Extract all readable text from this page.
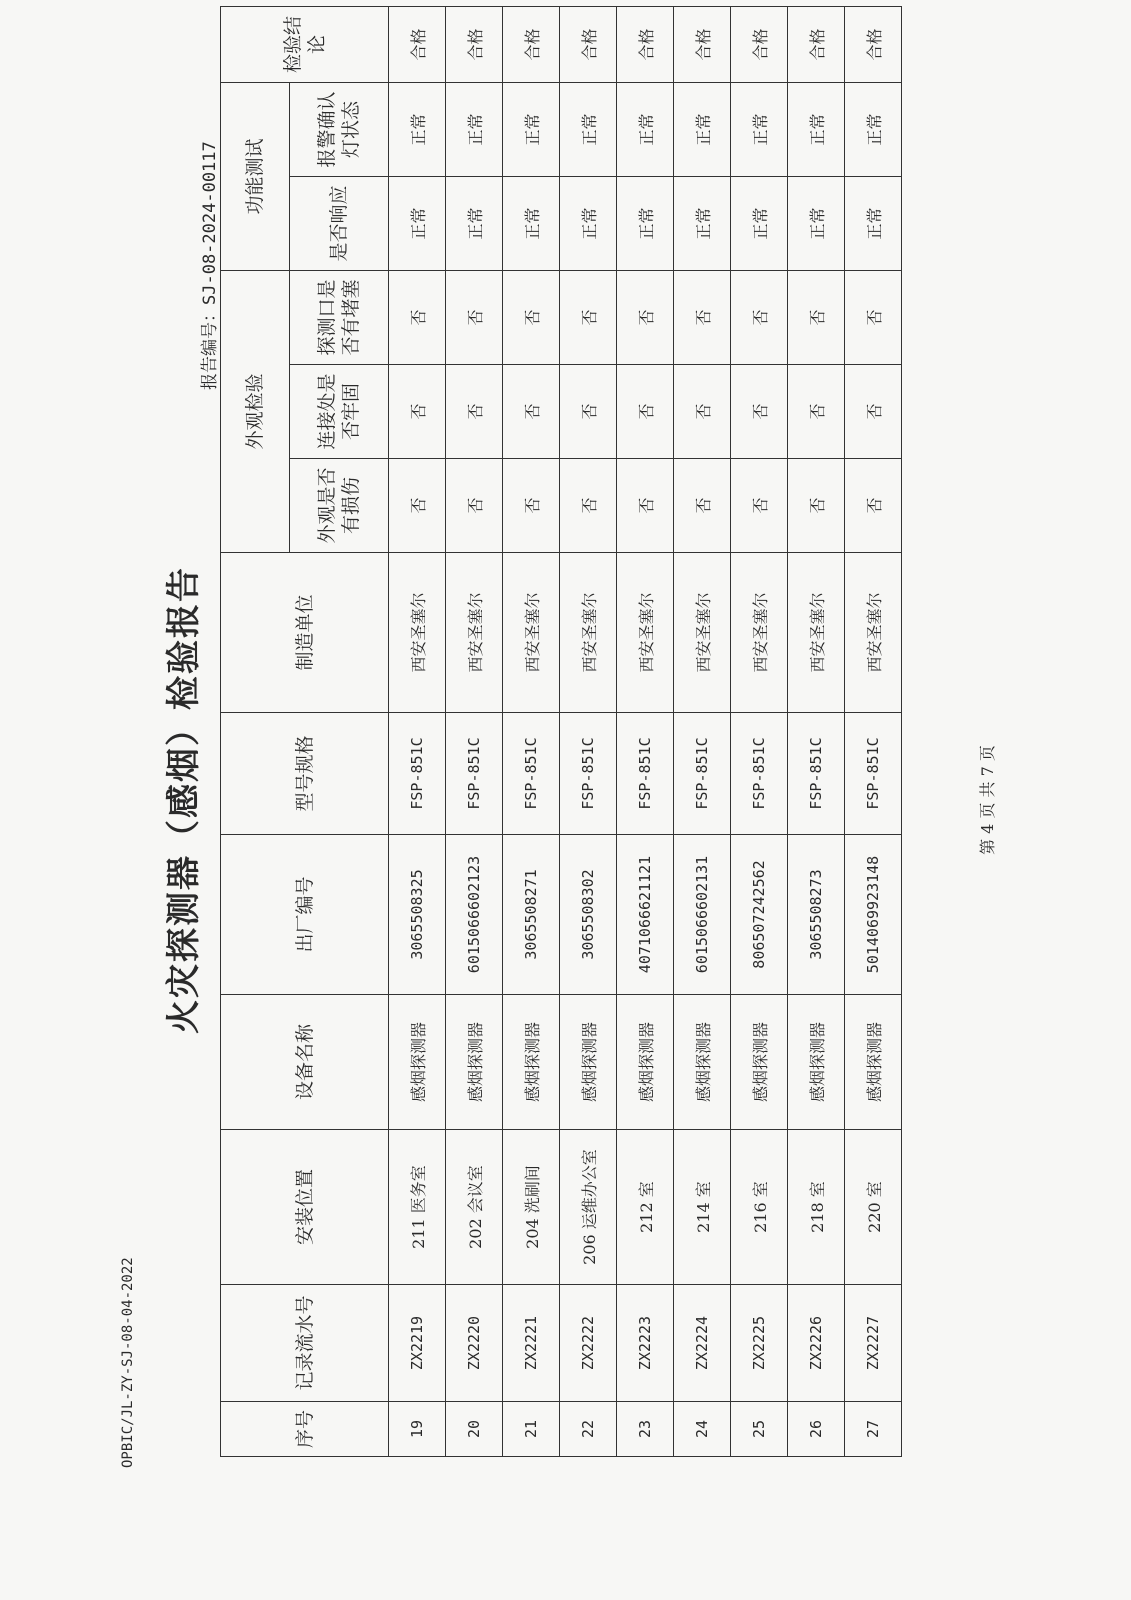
OPBIC/JL-ZY-SJ-08-04-2022
火灾探测器（感烟）检验报告
报告编号：SJ-08-2024-00117
序号	记录流水号	安装位置	设备名称	出厂编号	型号规格	制造单位	外观检验			功能测试		检验结论
							外观是否有损伤	连接处是否牢固	探测口是否有堵塞	是否响应	报警确认灯状态	
19	ZX2219	211 医务室	感烟探测器	3065508325	FSP-851C	西安圣塞尔	否	否	否	正常	正常	合格
20	ZX2220	202 会议室	感烟探测器	6015066602123	FSP-851C	西安圣塞尔	否	否	否	正常	正常	合格
21	ZX2221	204 洗刷间	感烟探测器	3065508271	FSP-851C	西安圣塞尔	否	否	否	正常	正常	合格
22	ZX2222	206 运维办公室	感烟探测器	3065508302	FSP-851C	西安圣塞尔	否	否	否	正常	正常	合格
23	ZX2223	212 室	感烟探测器	4071066621121	FSP-851C	西安圣塞尔	否	否	否	正常	正常	合格
24	ZX2224	214 室	感烟探测器	6015066602131	FSP-851C	西安圣塞尔	否	否	否	正常	正常	合格
25	ZX2225	216 室	感烟探测器	8065072425​62	FSP-851C	西安圣塞尔	否	否	否	正常	正常	合格
26	ZX2226	218 室	感烟探测器	3065508273	FSP-851C	西安圣塞尔	否	否	否	正常	正常	合格
27	ZX2227	220 室	感烟探测器	5014069923148	FSP-851C	西安圣塞尔	否	否	否	正常	正常	合格
第 4 页 共 7 页
